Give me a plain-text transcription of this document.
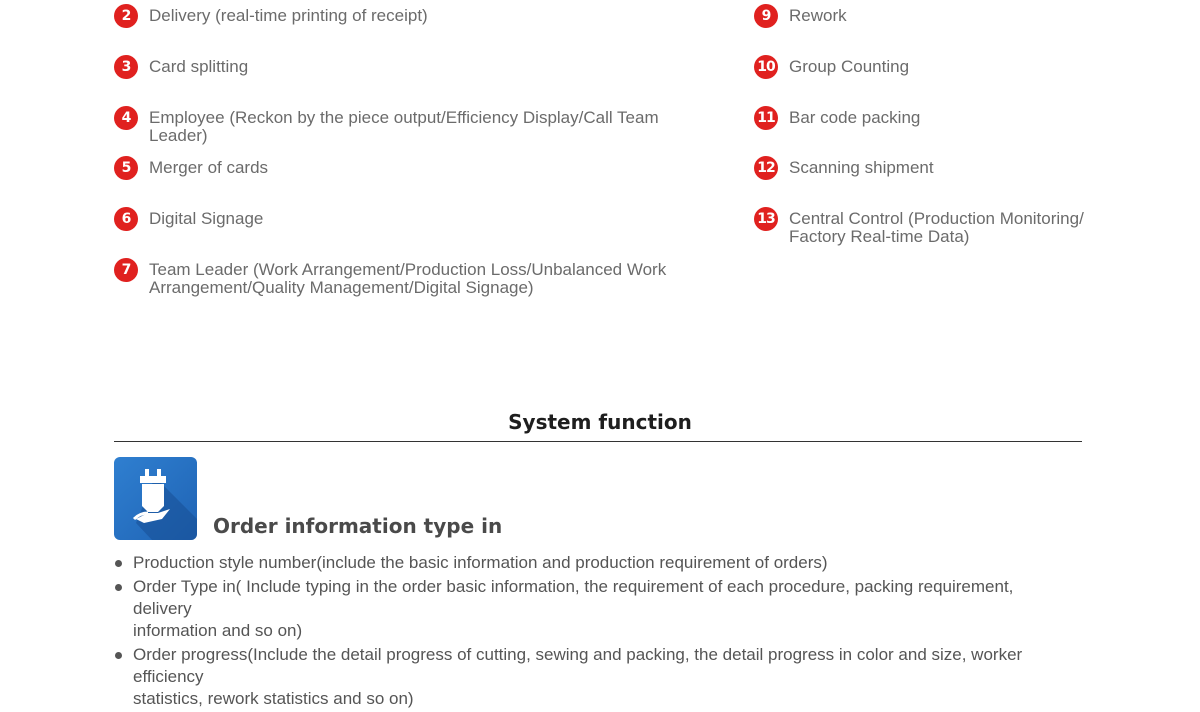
2	Delivery (real-time printing of receipt)
3	Card splitting
4	Employee (Reckon by the piece output/Efficiency Display/Call Team Leader)
5	Merger of cards
6	Digital Signage
7	Team Leader (Work Arrangement/Production Loss/Unbalanced Work
Arrangement/Quality Management/Digital Signage)
9	Rework
10 Group Counting
11 Bar code packing
12 Scanning shipment
13 Central Control (Production Monitoring/
Factory Real-time Data)
System function
Order information type in
Production style number(include the basic information and production requirement of orders)
Order Type in( Include typing in the order basic information, the requirement of each procedure, packing requirement, delivery
information and so on)
Order progress(Include the detail progress of cutting, sewing and packing, the detail progress in color and size, worker efficiency
statistics, rework statistics and so on)
